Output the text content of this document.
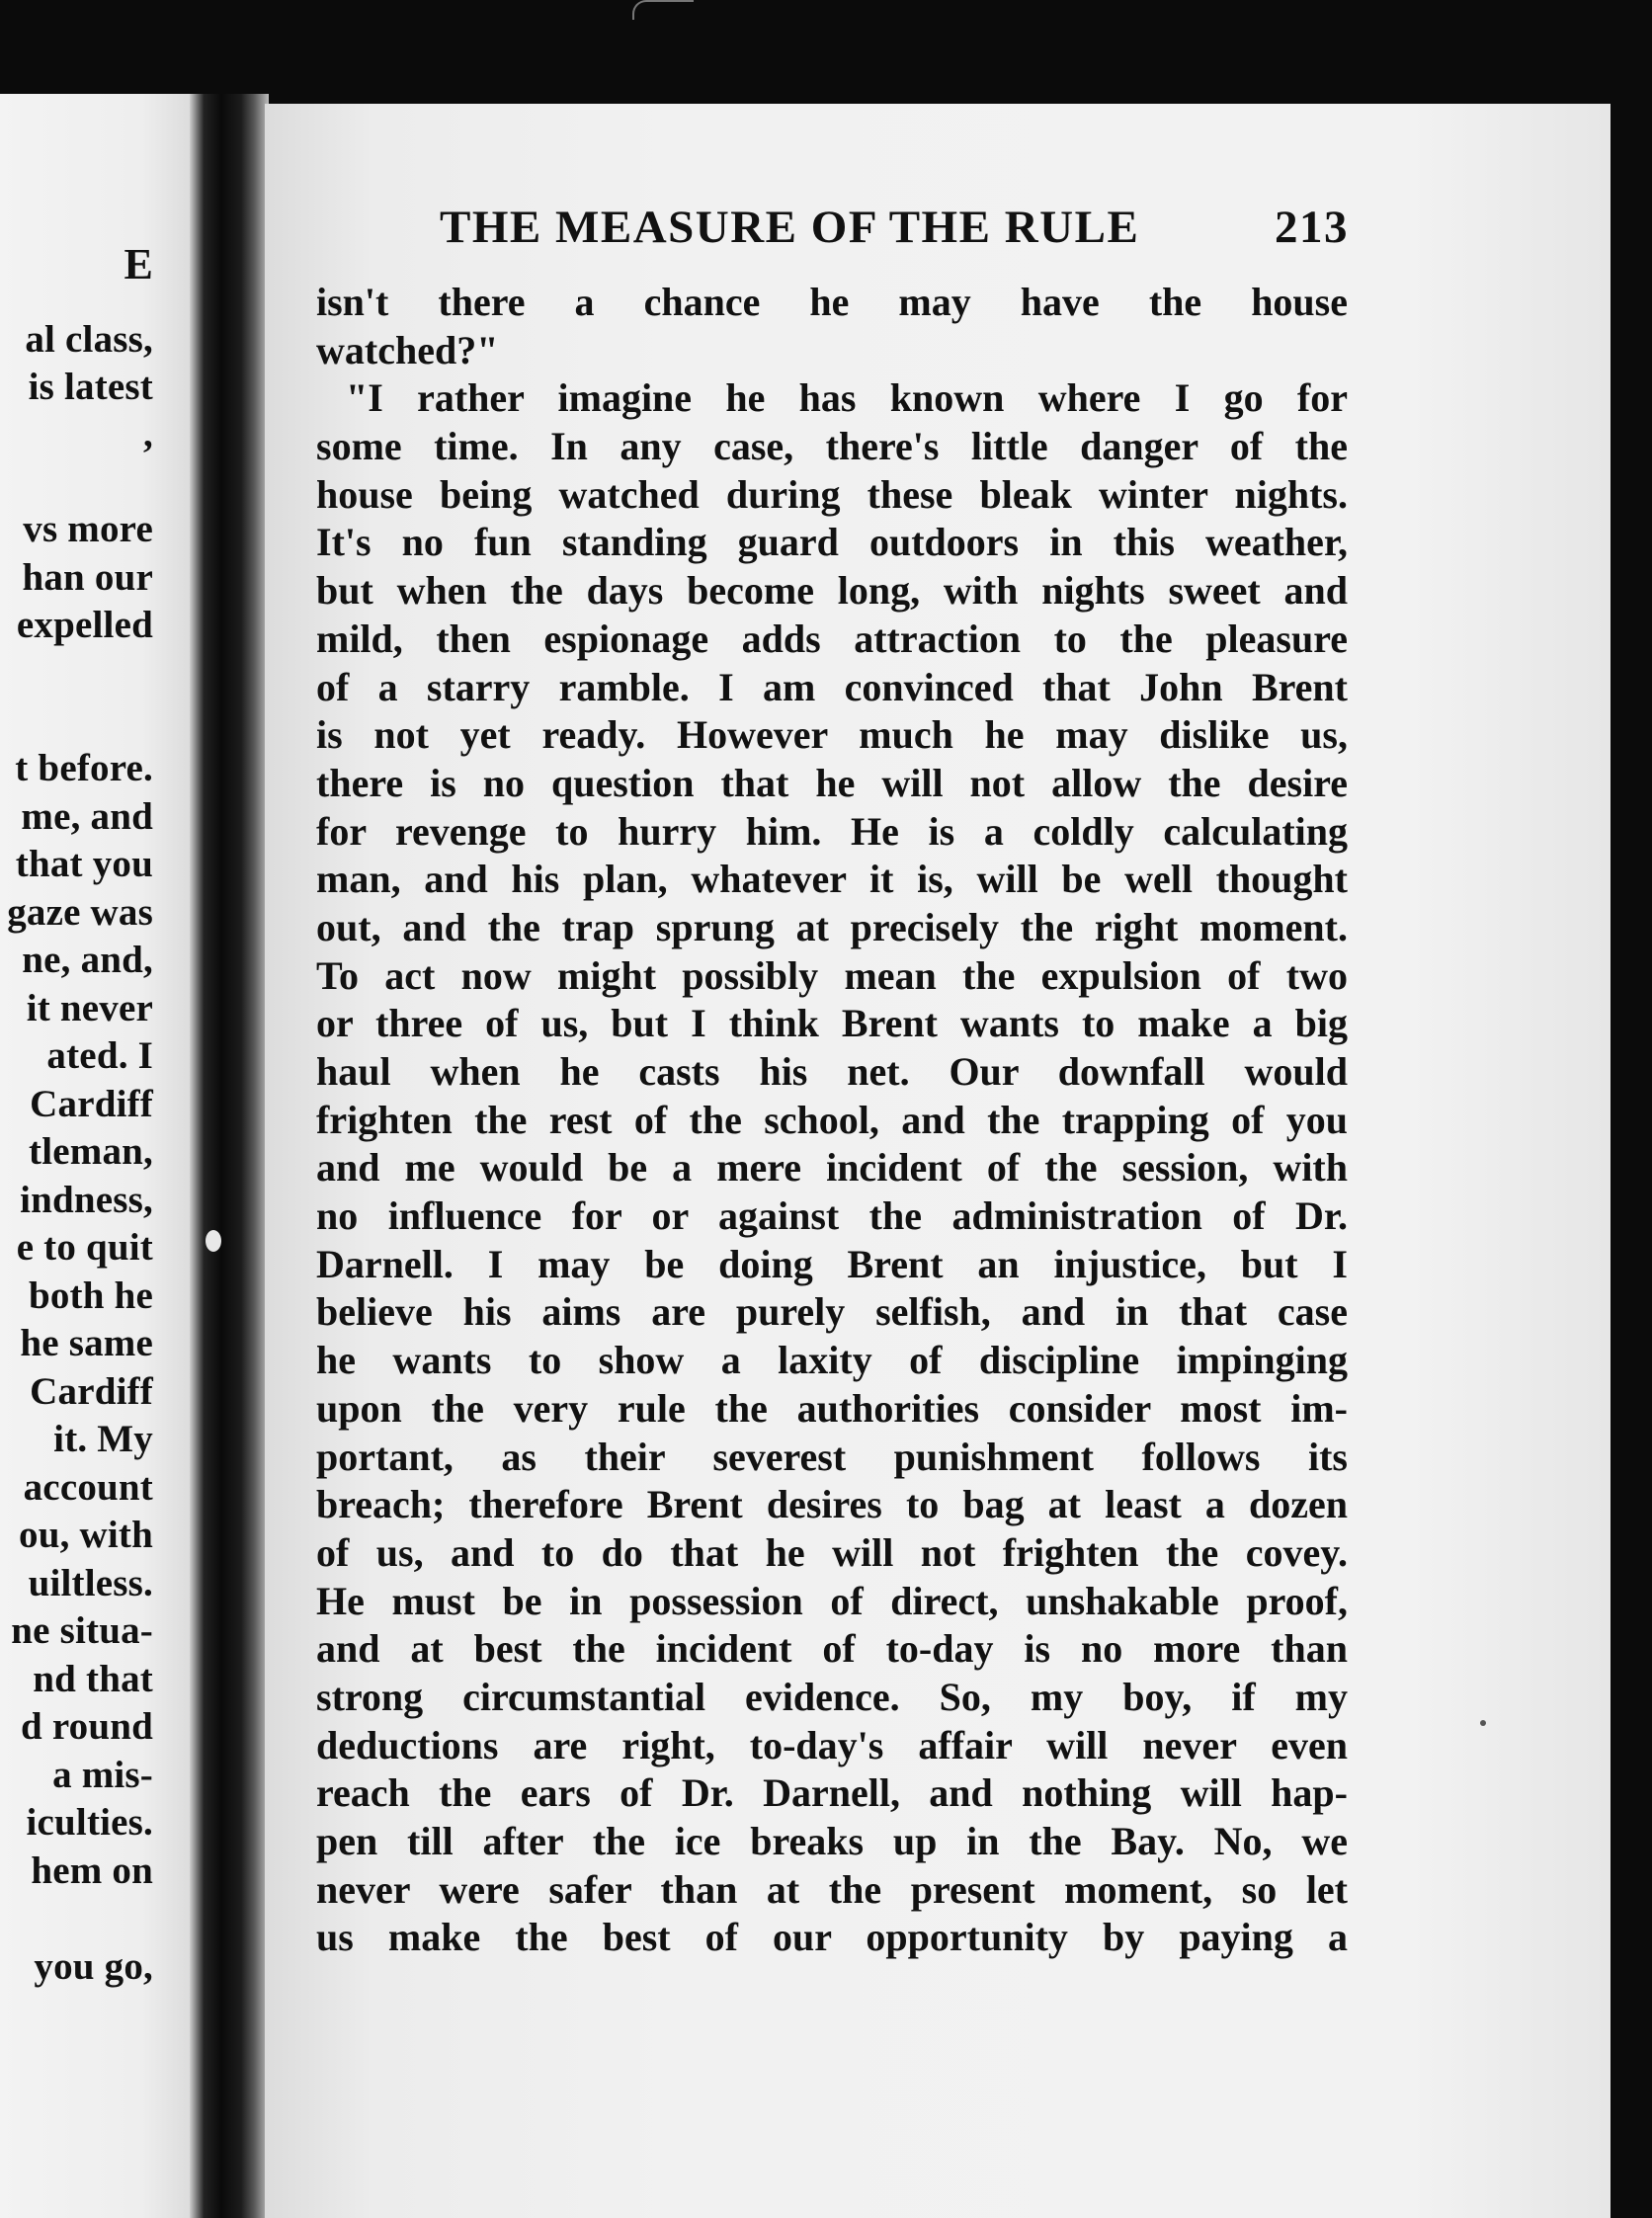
E
al class,
is latest
,
vs more
han our
expelled
t before.
me, and
that you
gaze was
ne, and,
it never
ated. I
Cardiff
tleman,
indness,
e to quit
both he
he same
Cardiff
it. My
account
ou, with
uiltless.
ne situa-
nd that
d round
a mis-
iculties.
hem on
you go,
THE MEASURE OF THE RULE	213
isn't there a chance he may have the house
watched?"
"I rather imagine he has known where I go for
some time. In any case, there's little danger of the
house being watched during these bleak winter nights.
It's no fun standing guard outdoors in this weather,
but when the days become long, with nights sweet and
mild, then espionage adds attraction to the pleasure
of a starry ramble. I am convinced that John Brent
is not yet ready. However much he may dislike us,
there is no question that he will not allow the desire
for revenge to hurry him. He is a coldly calculating
man, and his plan, whatever it is, will be well thought
out, and the trap sprung at precisely the right moment.
To act now might possibly mean the expulsion of two
or three of us, but I think Brent wants to make a big
haul when he casts his net. Our downfall would
frighten the rest of the school, and the trapping of you
and me would be a mere incident of the session, with
no influence for or against the administration of Dr.
Darnell. I may be doing Brent an injustice, but I
believe his aims are purely selfish, and in that case
he wants to show a laxity of discipline impinging
upon the very rule the authorities consider most im-
portant, as their severest punishment follows its
breach; therefore Brent desires to bag at least a dozen
of us, and to do that he will not frighten the covey.
He must be in possession of direct, unshakable proof,
and at best the incident of to-day is no more than
strong circumstantial evidence. So, my boy, if my
deductions are right, to-day's affair will never even
reach the ears of Dr. Darnell, and nothing will hap-
pen till after the ice breaks up in the Bay. No, we
never were safer than at the present moment, so let
us make the best of our opportunity by paying a
